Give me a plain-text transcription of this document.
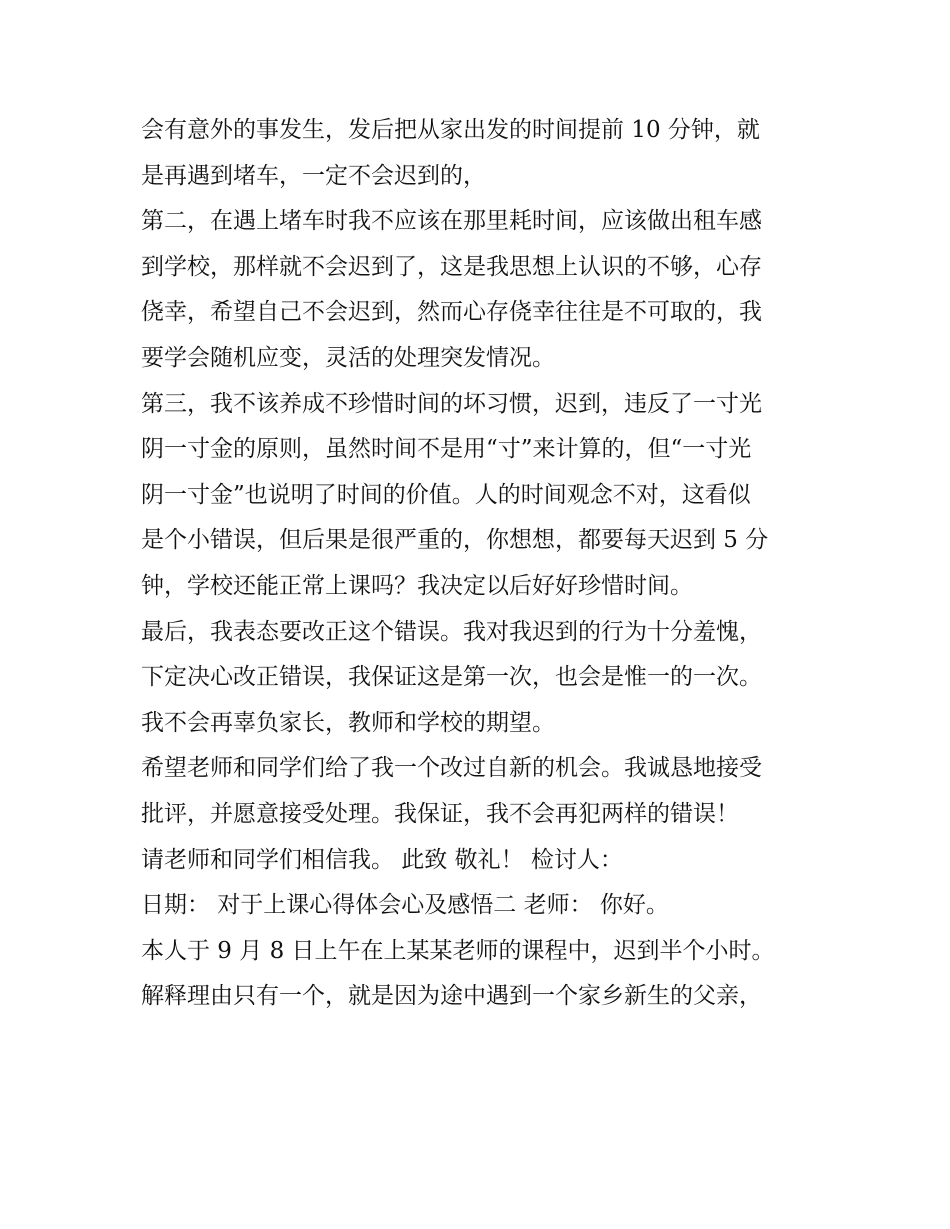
会有意外的事发生，发后把从家出发的时间提前 10 分钟，就
是再遇到堵车，一定不会迟到的，
第二，在遇上堵车时我不应该在那里耗时间，应该做出租车感
到学校，那样就不会迟到了，这是我思想上认识的不够，心存
侥幸，希望自己不会迟到，然而心存侥幸往往是不可取的，我
要学会随机应变，灵活的处理突发情况。
第三，我不该养成不珍惜时间的坏习惯，迟到，违反了一寸光
阴一寸金的原则，虽然时间不是用“寸”来计算的，但“一寸光
阴一寸金”也说明了时间的价值。人的时间观念不对，这看似
是个小错误，但后果是很严重的，你想想，都要每天迟到 5 分
钟，学校还能正常上课吗？我决定以后好好珍惜时间。
最后，我表态要改正这个错误。我对我迟到的行为十分羞愧，
下定决心改正错误，我保证这是第一次，也会是惟一的一次。
我不会再辜负家长，教师和学校的期望。
希望老师和同学们给了我一个改过自新的机会。我诚恳地接受
批评，并愿意接受处理。我保证，我不会再犯两样的错误！
请老师和同学们相信我。 此致 敬礼！ 检讨人：
日期： 对于上课心得体会心及感悟二 老师： 你好。
本人于 9 月 8 日上午在上某某老师的课程中，迟到半个小时。
解释理由只有一个，就是因为途中遇到一个家乡新生的父亲，
